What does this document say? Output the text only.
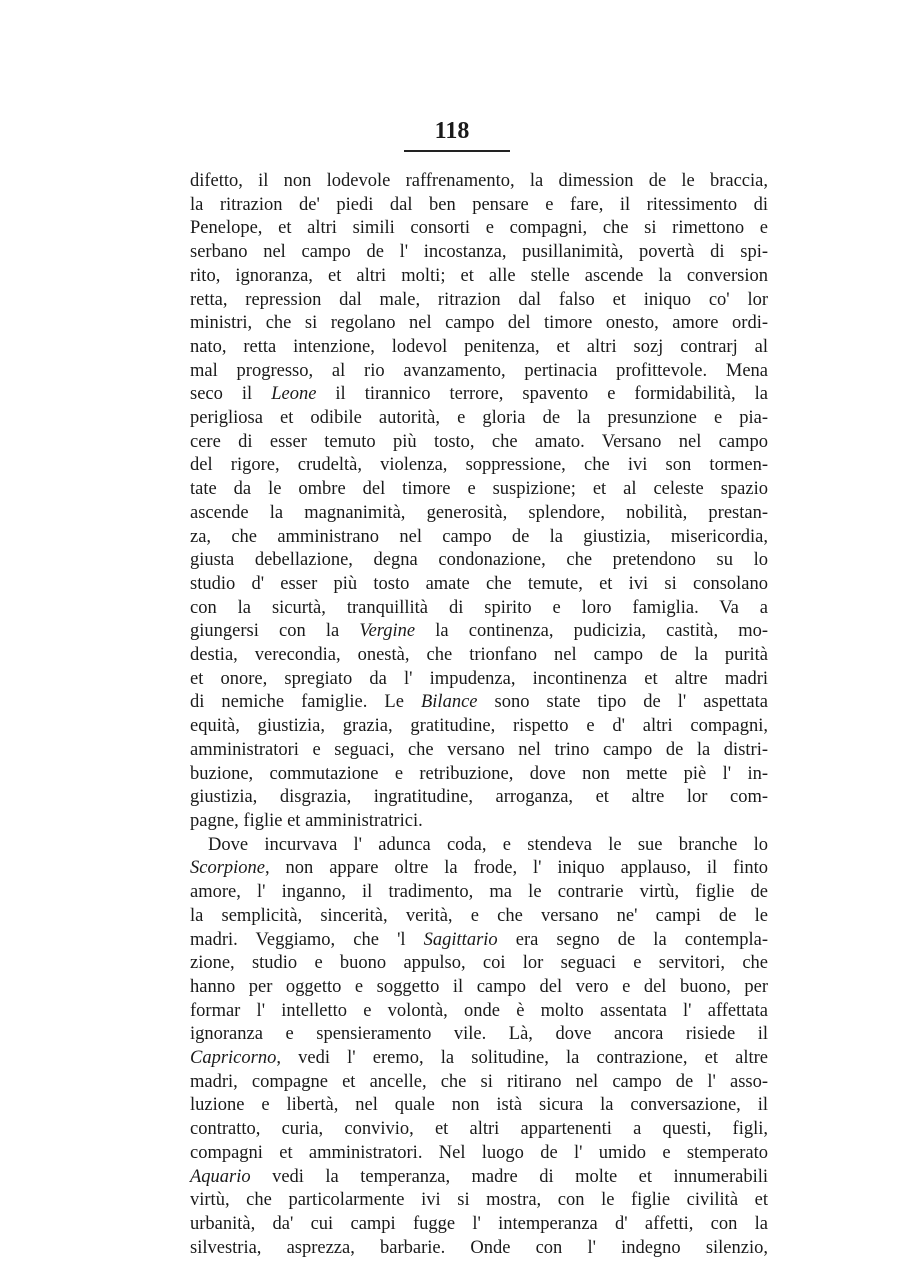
118
difetto, il non lodevole raffrenamento, la dimession de le braccia,
la ritrazion de' piedi dal ben pensare e fare, il ritessimento di
Penelope, et altri simili consorti e compagni, che si rimettono e
serbano nel campo de l' incostanza, pusillanimità, povertà di spi-
rito, ignoranza, et altri molti; et alle stelle ascende la conversion
retta, repression dal male, ritrazion dal falso et iniquo co' lor
ministri, che si regolano nel campo del timore onesto, amore ordi-
nato, retta intenzione, lodevol penitenza, et altri sozj contrarj al
mal progresso, al rio avanzamento, pertinacia profittevole. Mena
seco il Leone il tirannico terrore, spavento e formidabilità, la
perigliosa et odibile autorità, e gloria de la presunzione e pia-
cere di esser temuto più tosto, che amato. Versano nel campo
del rigore, crudeltà, violenza, soppressione, che ivi son tormen-
tate da le ombre del timore e suspizione; et al celeste spazio
ascende la magnanimità, generosità, splendore, nobilità, prestan-
za, che amministrano nel campo de la giustizia, misericordia,
giusta debellazione, degna condonazione, che pretendono su lo
studio d' esser più tosto amate che temute, et ivi si consolano
con la sicurtà, tranquillità di spirito e loro famiglia. Va a
giungersi con la Vergine la continenza, pudicizia, castità, mo-
destia, verecondia, onestà, che trionfano nel campo de la purità
et onore, spregiato da l' impudenza, incontinenza et altre madri
di nemiche famiglie. Le Bilance sono state tipo de l' aspettata
equità, giustizia, grazia, gratitudine, rispetto e d' altri compagni,
amministratori e seguaci, che versano nel trino campo de la distri-
buzione, commutazione e retribuzione, dove non mette piè l' in-
giustizia, disgrazia, ingratitudine, arroganza, et altre lor com-
pagne, figlie et amministratrici.
Dove incurvava l' adunca coda, e stendeva le sue branche lo
Scorpione, non appare oltre la frode, l' iniquo applauso, il finto
amore, l' inganno, il tradimento, ma le contrarie virtù, figlie de
la semplicità, sincerità, verità, e che versano ne' campi de le
madri. Veggiamo, che 'l Sagittario era segno de la contempla-
zione, studio e buono appulso, coi lor seguaci e servitori, che
hanno per oggetto e soggetto il campo del vero e del buono, per
formar l' intelletto e volontà, onde è molto assentata l' affettata
ignoranza e spensieramento vile. Là, dove ancora risiede il
Capricorno, vedi l' eremo, la solitudine, la contrazione, et altre
madri, compagne et ancelle, che si ritirano nel campo de l' asso-
luzione e libertà, nel quale non istà sicura la conversazione, il
contratto, curia, convivio, et altri appartenenti a questi, figli,
compagni et amministratori. Nel luogo de l' umido e stemperato
Aquario vedi la temperanza, madre di molte et innumerabili
virtù, che particolarmente ivi si mostra, con le figlie civilità et
urbanità, da' cui campi fugge l' intemperanza d' affetti, con la
silvestria, asprezza, barbarie. Onde con l' indegno silenzio,
